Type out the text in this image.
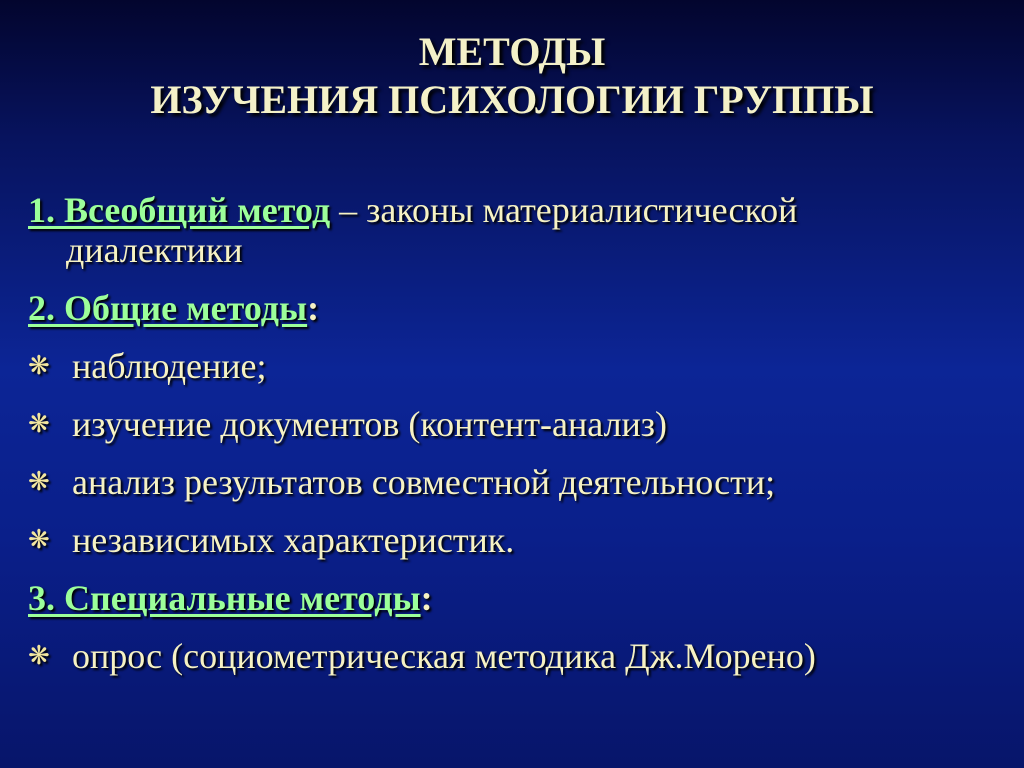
МЕТОДЫ
ИЗУЧЕНИЯ ПСИХОЛОГИИ ГРУППЫ
1. Всеобщий метод – законы материалистической
диалектики
2. Общие методы:
❋ наблюдение;
❋ изучение документов (контент-анализ)
❋ анализ результатов совместной деятельности;
❋ независимых характеристик.
3. Специальные методы:
❋ опрос (социометрическая методика Дж.Морено)
